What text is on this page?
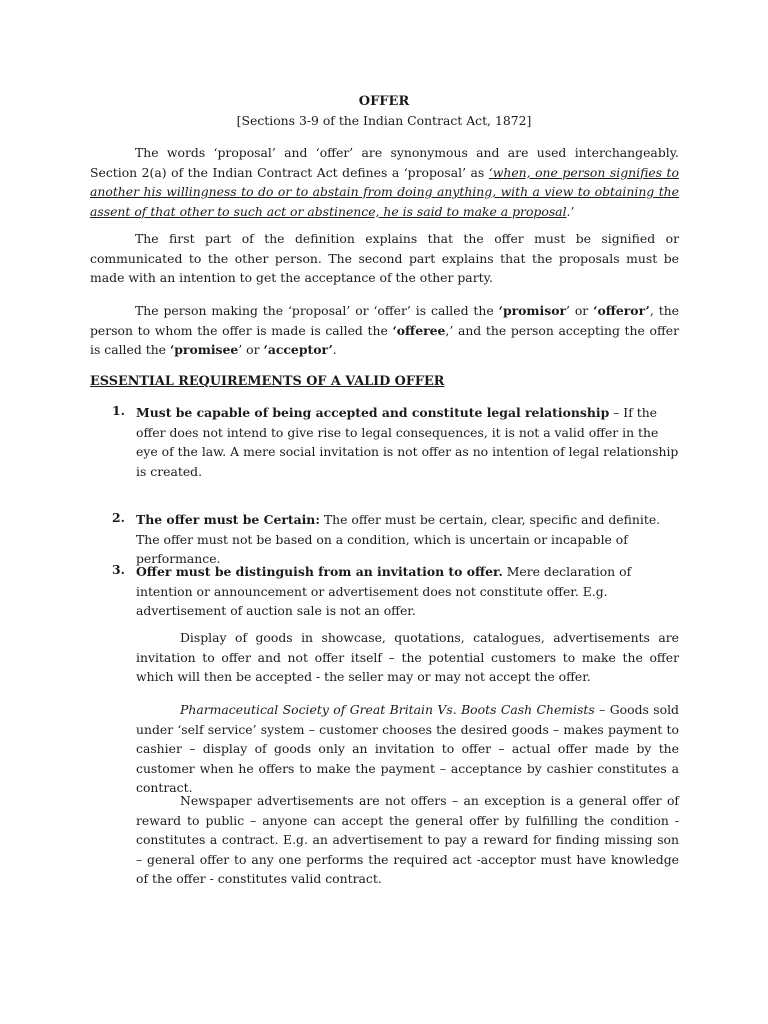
OFFER
[Sections 3-9 of the Indian Contract Act, 1872]

The words ‘proposal’ and ‘offer’ are synonymous and are used interchangeably. Section 2(a) of the Indian Contract Act defines a ‘proposal’ as ‘when, one person signifies to another his willingness to do or to abstain from doing anything, with a view to obtaining the assent of that other to such act or abstinence, he is said to make a proposal.’

The first part of the definition explains that the offer must be signified or communicated to the other person. The second part explains that the proposals must be made with an intention to get the acceptance of the other party.

The person making the ‘proposal’ or ‘offer’ is called the ‘promisor’ or ‘offeror’, the person to whom the offer is made is called the ‘offeree,’ and the person accepting the offer is called the ‘promisee’ or ‘acceptor’.

ESSENTIAL REQUIREMENTS OF A VALID OFFER
1. Must be capable of being accepted and constitute legal relationship – If the offer does not intend to give rise to legal consequences, it is not a valid offer in the eye of the law. A mere social invitation is not offer as no intention of legal relationship is created.

2. The offer must be Certain: The offer must be certain, clear, specific and definite. The offer must not be based on a condition, which is uncertain or incapable of performance.

3. Offer must be distinguish from an invitation to offer. Mere declaration of intention or announcement or advertisement does not constitute offer. E.g. advertisement of auction sale is not an offer.

Display of goods in showcase, quotations, catalogues, advertisements are invitation to offer and not offer itself – the potential customers to make the offer which will then be accepted - the seller may or may not accept the offer.

Pharmaceutical Society of Great Britain Vs. Boots Cash Chemists – Goods sold under ‘self service’ system – customer chooses the desired goods – makes payment to cashier – display of goods only an invitation to offer – actual offer made by the customer when he offers to make the payment – acceptance by cashier constitutes a contract.

Newspaper advertisements are not offers – an exception is a general offer of reward to public – anyone can accept the general offer by fulfilling the condition - constitutes a contract. E.g. an advertisement to pay a reward for finding missing son – general offer to any one performs the required act -acceptor must have knowledge of the offer - constitutes valid contract.
